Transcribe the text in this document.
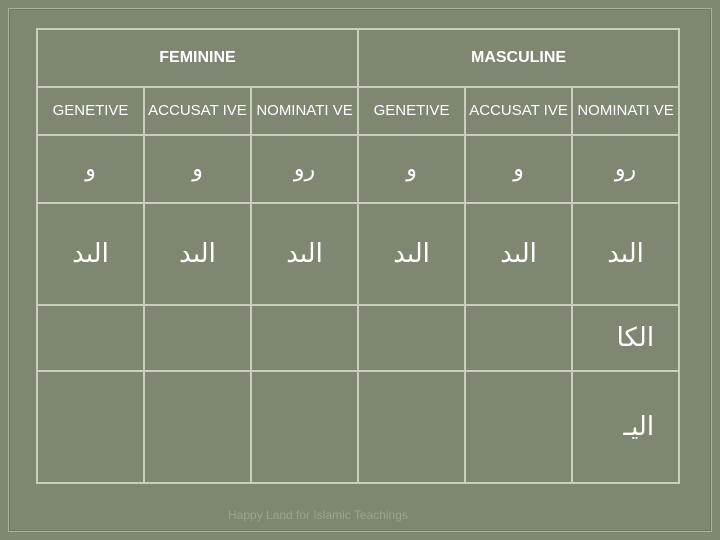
FEMININE			MASCULINE		
GENETIVE	ACCUSAT IVE	NOMINATI VE	GENETIVE	ACCUSAT IVE	NOMINATI VE
و	و	رو	و	و	رو
الىد	الىد	الىد	الىد	الىد	الىد
					الكا
					اليـ
Happy Land for Islamic Teachings
